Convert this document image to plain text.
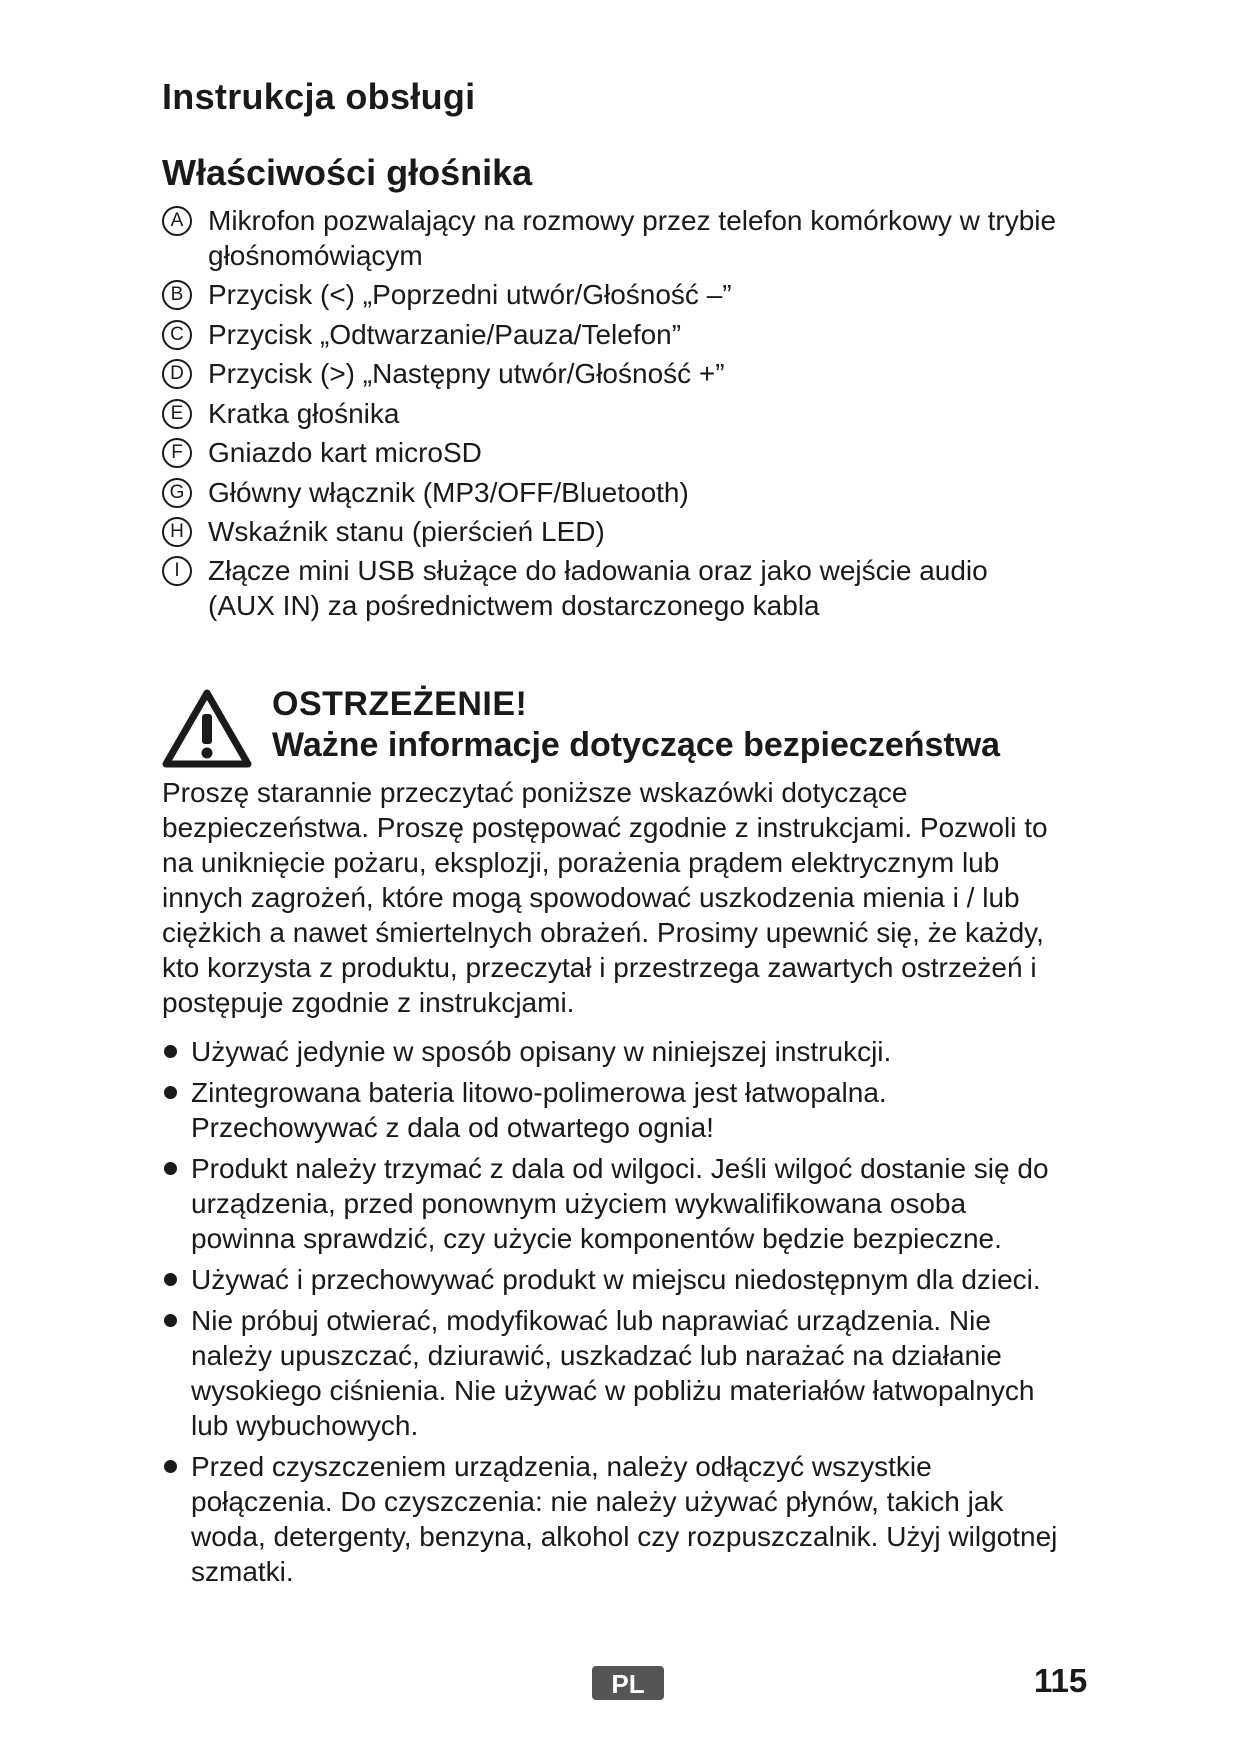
Instrukcja obsługi
Właściwości głośnika
A Mikrofon pozwalający na rozmowy przez telefon komórkowy w trybie głośnomówiącym
B Przycisk (<) „Poprzedni utwór/Głośność –”
C Przycisk „Odtwarzanie/Pauza/Telefon”
D Przycisk (>) „Następny utwór/Głośność +”
E Kratka głośnika
F Gniazdo kart microSD
G Główny włącznik (MP3/OFF/Bluetooth)
H Wskaźnik stanu (pierścień LED)
I	Złącze mini USB służące do ładowania oraz jako wejście audio (AUX IN) za pośrednictwem dostarczonego kabla
OSTRZEŻENIE!
Ważne informacje dotyczące bezpieczeństwa

Proszę starannie przeczytać poniższe wskazówki dotyczące bezpieczeństwa. Proszę postępować zgodnie z instrukcjami. Pozwoli to na uniknięcie pożaru, eksplozji, porażenia prądem elektrycznym lub innych zagrożeń, które mogą spowodować uszkodzenia mienia i / lub ciężkich a nawet śmiertelnych obrażeń. Prosimy upewnić się, że każdy, kto korzysta z produktu, przeczytał i przestrzega zawartych ostrzeżeń i postępuje zgodnie z instrukcjami.

Używać jedynie w sposób opisany w niniejszej instrukcji.
Zintegrowana bateria litowo-polimerowa jest łatwopalna. Przechowywać z dala od otwartego ognia!
Produkt należy trzymać z dala od wilgoci. Jeśli wilgoć dostanie się do urządzenia, przed ponownym użyciem wykwalifikowana osoba powinna sprawdzić, czy użycie komponentów będzie bezpieczne.
Używać i przechowywać produkt w miejscu niedostępnym dla dzieci.
Nie próbuj otwierać, modyfikować lub naprawiać urządzenia. Nie należy upuszczać, dziurawić, uszkadzać lub narażać na działanie wysokiego ciśnienia. Nie używać w pobliżu materiałów łatwopalnych lub wybuchowych.
Przed czyszczeniem urządzenia, należy odłączyć wszystkie połączenia. Do czyszczenia: nie należy używać płynów, takich jak woda, detergenty, benzyna, alkohol czy rozpuszczalnik. Użyj wilgotnej szmatki.
PL	115
